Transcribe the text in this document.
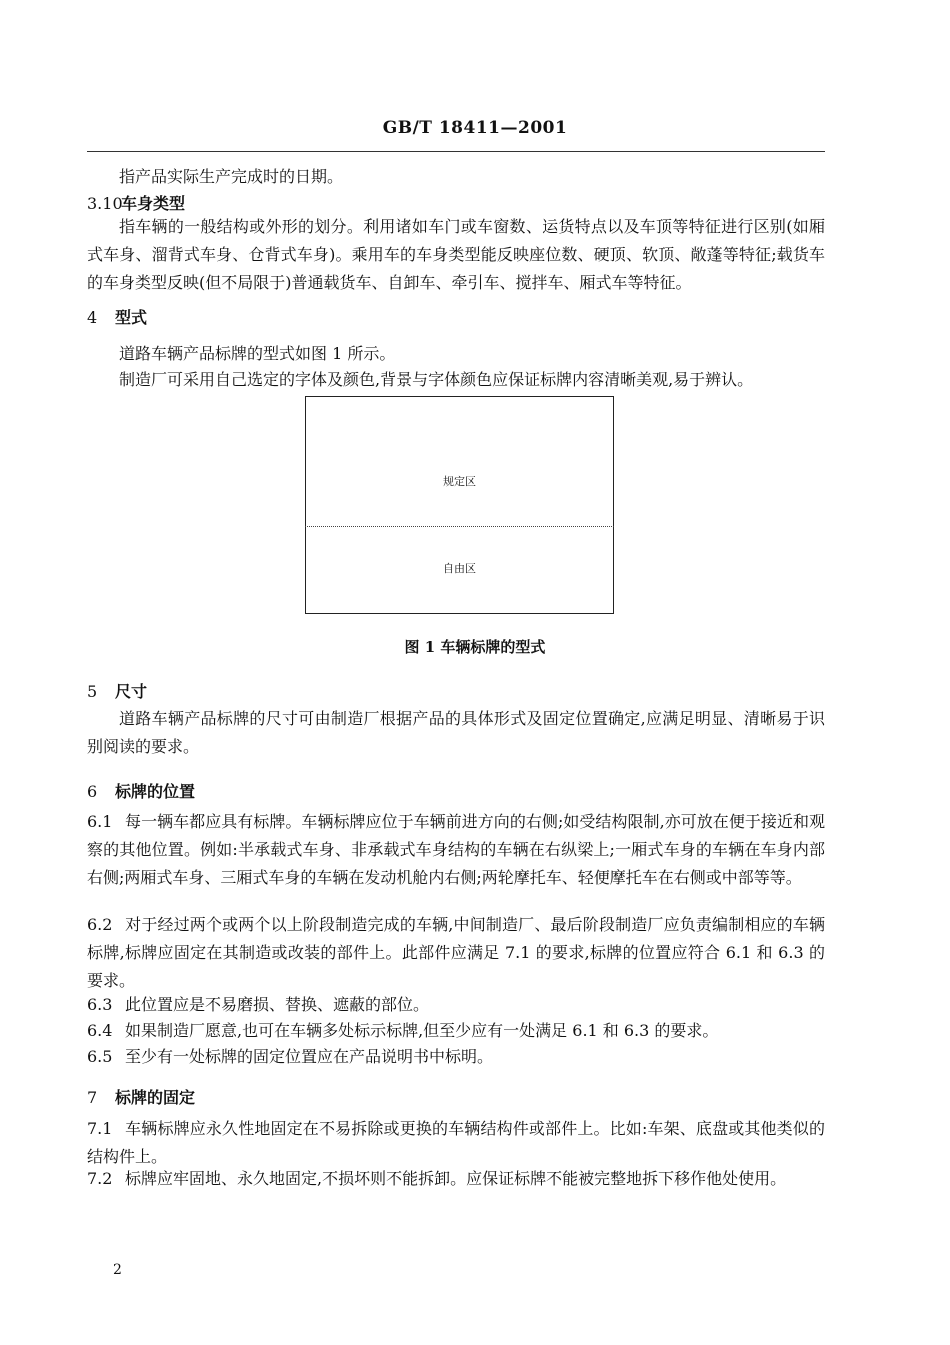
GB/T 18411—2001
指产品实际生产完成时的日期。
3.10车身类型
指车辆的一般结构或外形的划分。利用诸如车门或车窗数、运货特点以及车顶等特征进行区别(如厢式车身、溜背式车身、仓背式车身)。乘用车的车身类型能反映座位数、硬顶、软顶、敞蓬等特征;载货车的车身类型反映(但不局限于)普通载货车、自卸车、牵引车、搅拌车、厢式车等特征。
4 型式
道路车辆产品标牌的型式如图 1 所示。
制造厂可采用自己选定的字体及颜色,背景与字体颜色应保证标牌内容清晰美观,易于辨认。
规定区
自由区
图 1 车辆标牌的型式
5 尺寸
道路车辆产品标牌的尺寸可由制造厂根据产品的具体形式及固定位置确定,应满足明显、清晰易于识别阅读的要求。
6 标牌的位置
6.1 每一辆车都应具有标牌。车辆标牌应位于车辆前进方向的右侧;如受结构限制,亦可放在便于接近和观察的其他位置。例如:半承载式车身、非承载式车身结构的车辆在右纵梁上;一厢式车身的车辆在车身内部右侧;两厢式车身、三厢式车身的车辆在发动机舱内右侧;两轮摩托车、轻便摩托车在右侧或中部等等。
6.2 对于经过两个或两个以上阶段制造完成的车辆,中间制造厂、最后阶段制造厂应负责编制相应的车辆标牌,标牌应固定在其制造或改装的部件上。此部件应满足 7.1 的要求,标牌的位置应符合 6.1 和 6.3 的要求。
6.3 此位置应是不易磨损、替换、遮蔽的部位。
6.4 如果制造厂愿意,也可在车辆多处标示标牌,但至少应有一处满足 6.1 和 6.3 的要求。
6.5 至少有一处标牌的固定位置应在产品说明书中标明。
7 标牌的固定
7.1 车辆标牌应永久性地固定在不易拆除或更换的车辆结构件或部件上。比如:车架、底盘或其他类似的结构件上。
7.2 标牌应牢固地、永久地固定,不损坏则不能拆卸。应保证标牌不能被完整地拆下移作他处使用。
2
